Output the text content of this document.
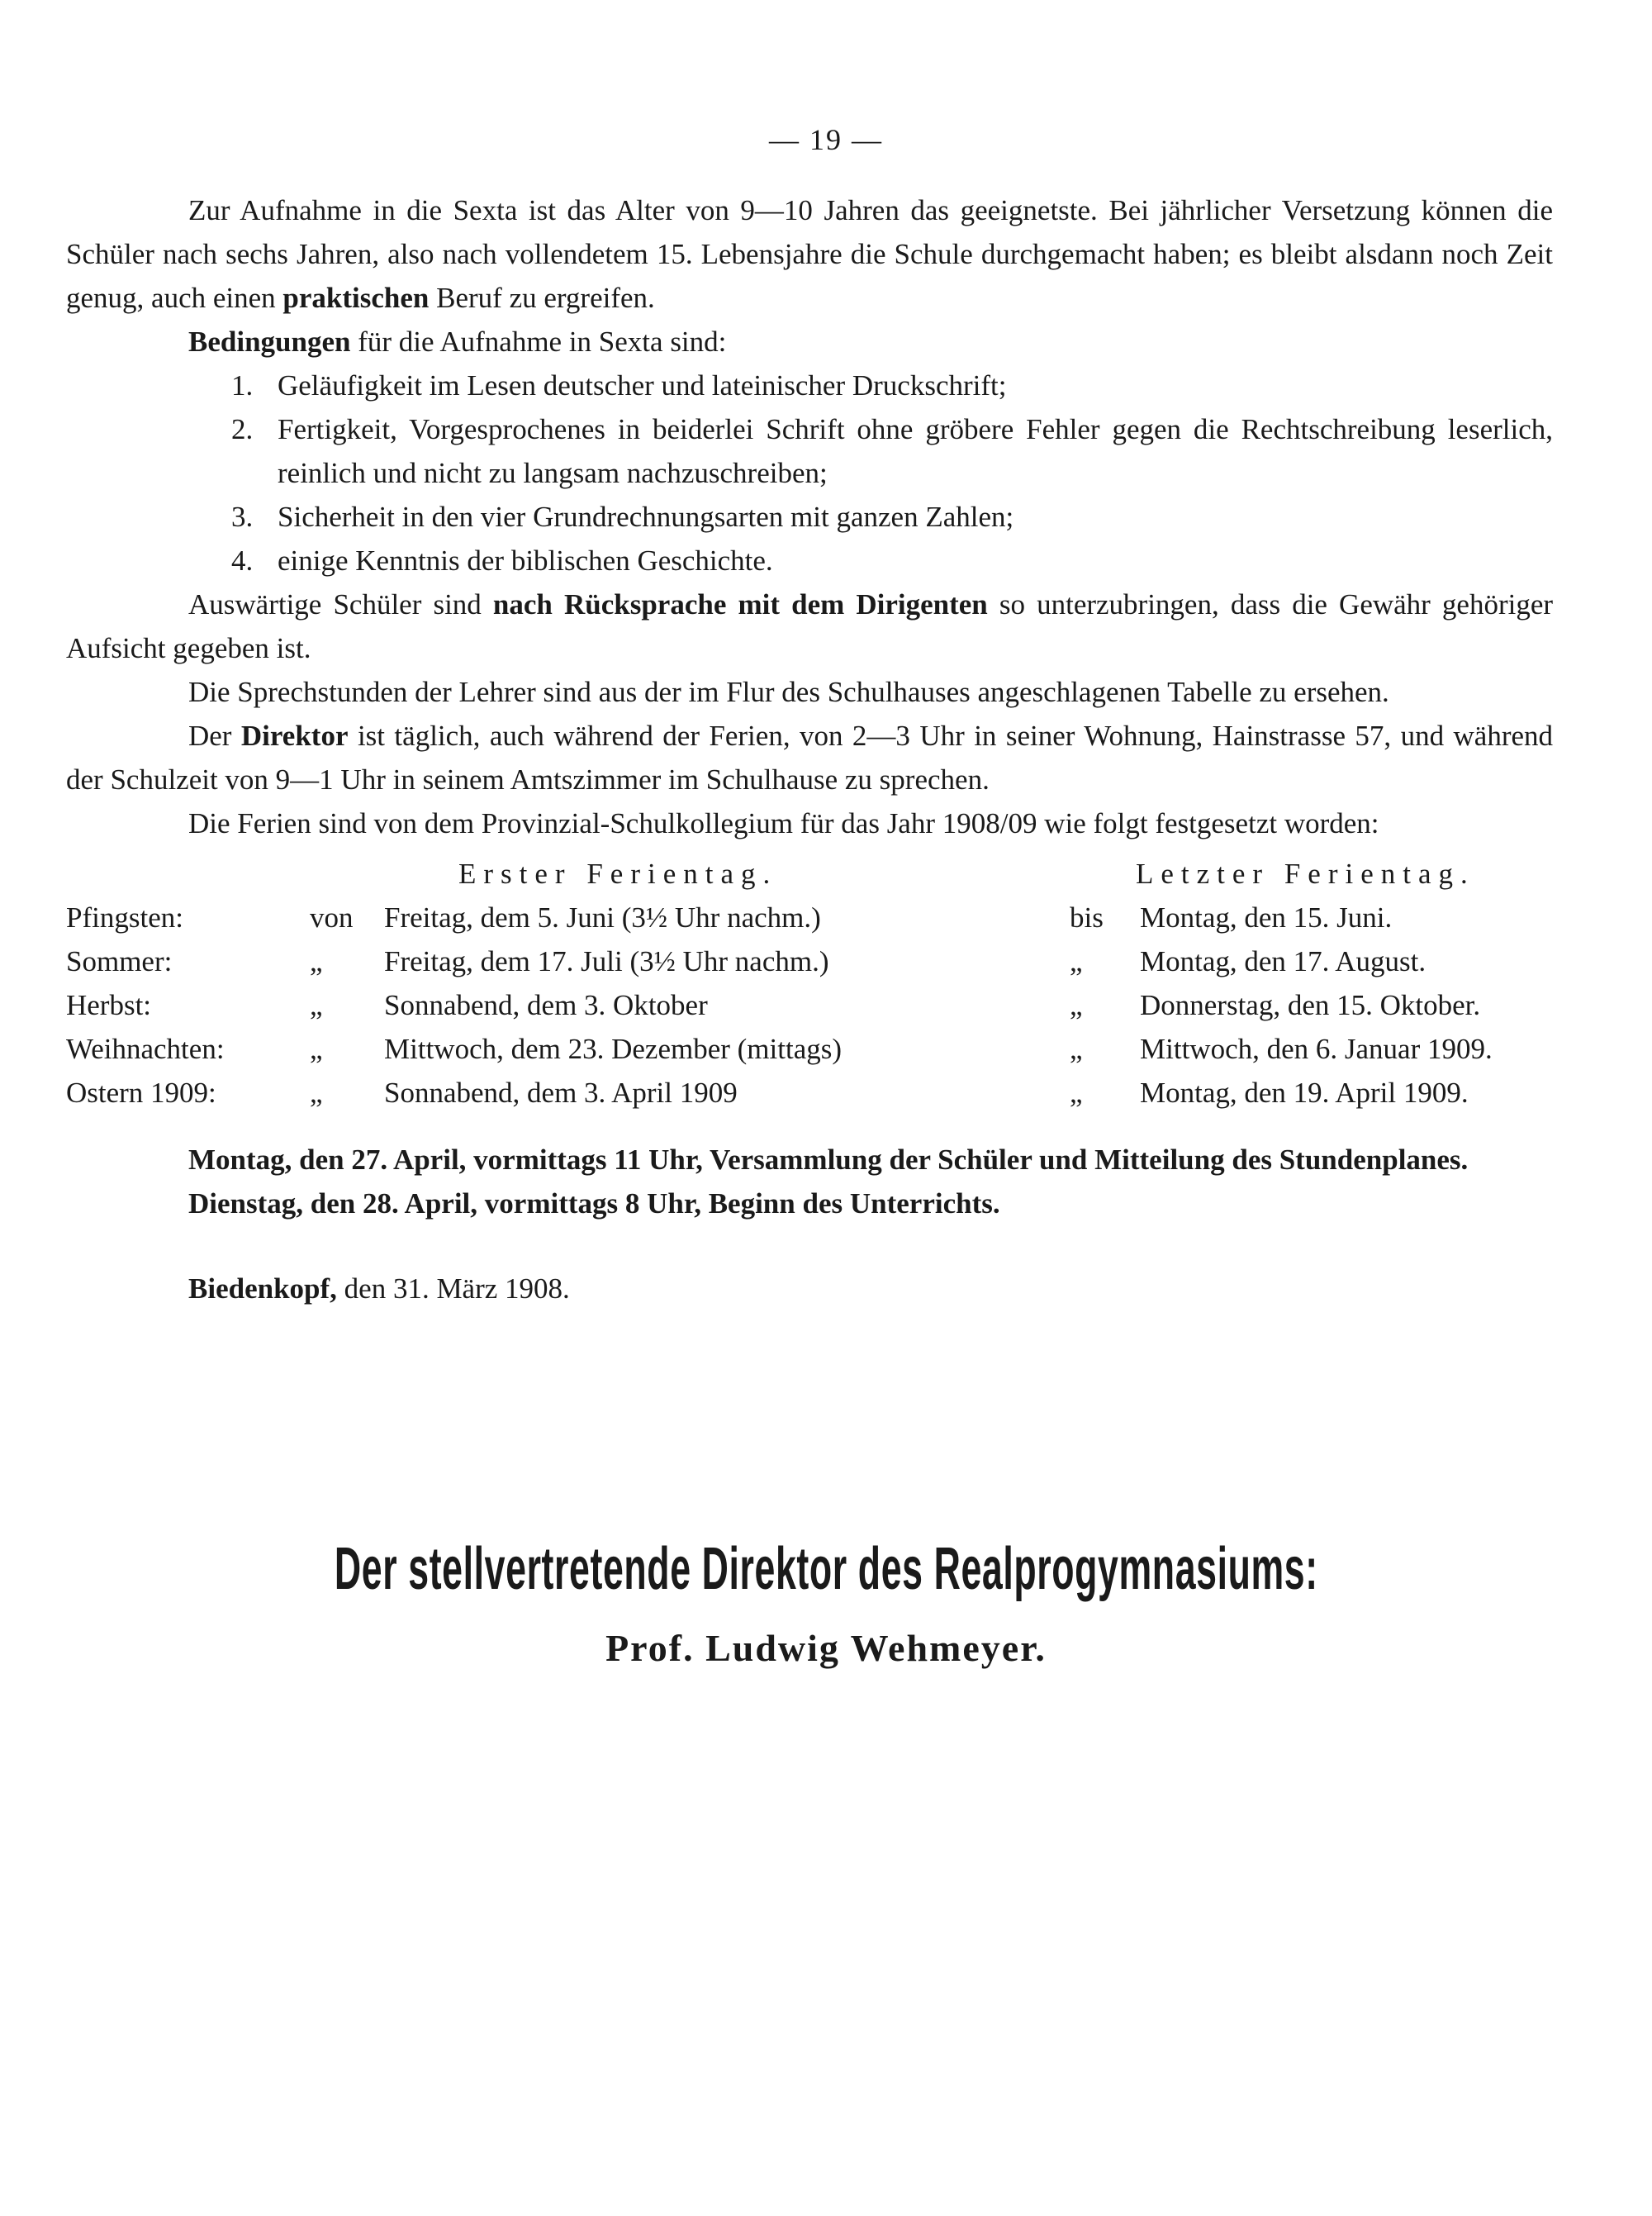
— 19 —

Zur Aufnahme in die Sexta ist das Alter von 9—10 Jahren das geeignetste. Bei jährlicher Versetzung können die Schüler nach sechs Jahren, also nach vollendetem 15. Lebensjahre die Schule durchgemacht haben; es bleibt alsdann noch Zeit genug, auch einen praktischen Beruf zu ergreifen.

Bedingungen für die Aufnahme in Sexta sind:

1. Geläufigkeit im Lesen deutscher und lateinischer Druckschrift;
2. Fertigkeit, Vorgesprochenes in beiderlei Schrift ohne gröbere Fehler gegen die Rechtschreibung leserlich, reinlich und nicht zu langsam nachzuschreiben;
3. Sicherheit in den vier Grundrechnungsarten mit ganzen Zahlen;
4. einige Kenntnis der biblischen Geschichte.

Auswärtige Schüler sind nach Rücksprache mit dem Dirigenten so unterzubringen, dass die Gewähr gehöriger Aufsicht gegeben ist.

Die Sprechstunden der Lehrer sind aus der im Flur des Schulhauses angeschlagenen Tabelle zu ersehen.

Der Direktor ist täglich, auch während der Ferien, von 2—3 Uhr in seiner Wohnung, Hainstrasse 57, und während der Schulzeit von 9—1 Uhr in seinem Amtszimmer im Schulhause zu sprechen.

Die Ferien sind von dem Provinzial-Schulkollegium für das Jahr 1908/09 wie folgt festgesetzt worden:

Erster Ferientag.	Letzter Ferientag.
Pfingsten:	von	Freitag, dem 5. Juni (3½ Uhr nachm.)	bis	Montag, den 15. Juni.
Sommer:	„	Freitag, dem 17. Juli (3½ Uhr nachm.)	„	Montag, den 17. August.
Herbst:	„	Sonnabend, dem 3. Oktober	„	Donnerstag, den 15. Oktober.
Weihnachten:	„	Mittwoch, dem 23. Dezember (mittags)	„	Mittwoch, den 6. Januar 1909.
Ostern 1909:	„	Sonnabend, dem 3. April 1909	„	Montag, den 19. April 1909.

Montag, den 27. April, vormittags 11 Uhr, Versammlung der Schüler und Mitteilung des Stundenplanes.

Dienstag, den 28. April, vormittags 8 Uhr, Beginn des Unterrichts.

Biedenkopf, den 31. März 1908.

Der stellvertretende Direktor des Realprogymnasiums:
Prof. Ludwig Wehmeyer.
